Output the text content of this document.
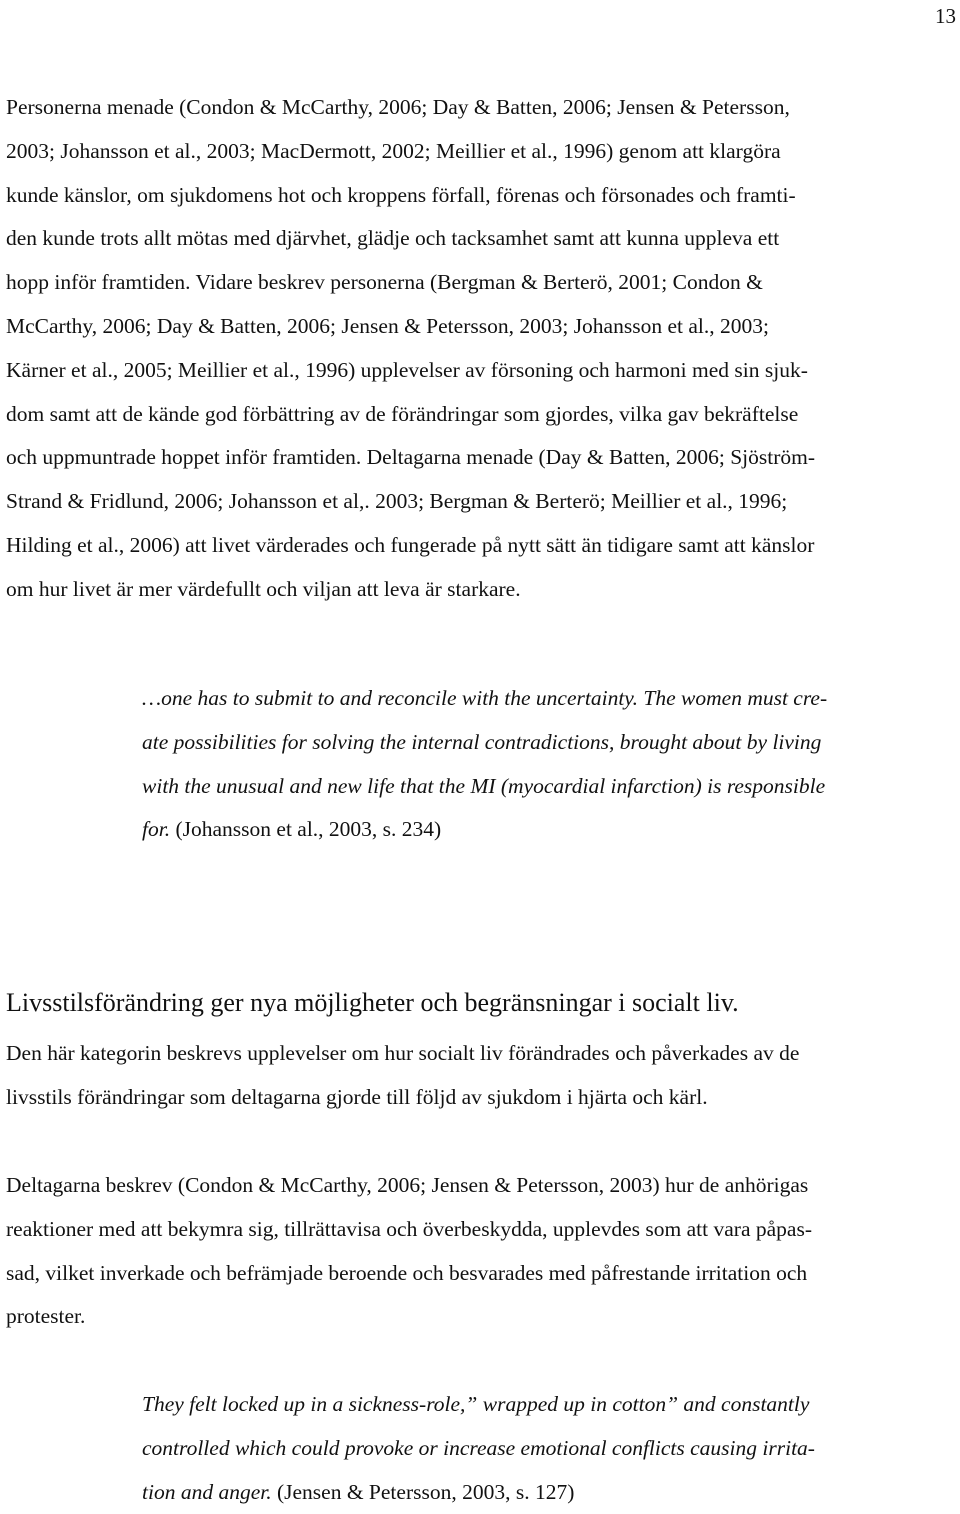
13
Personerna menade (Condon & McCarthy, 2006; Day & Batten, 2006; Jensen & Petersson,
2003; Johansson et al., 2003; MacDermott, 2002; Meillier et al., 1996) genom att klargöra
kunde känslor, om sjukdomens hot och kroppens förfall, förenas och försonades och framti-
den kunde trots allt mötas med djärvhet, glädje och tacksamhet samt att kunna uppleva ett
hopp inför framtiden. Vidare beskrev personerna (Bergman & Berterö, 2001; Condon &
McCarthy, 2006; Day & Batten, 2006; Jensen & Petersson, 2003; Johansson et al., 2003;
Kärner et al., 2005; Meillier et al., 1996) upplevelser av försoning och harmoni med sin sjuk-
dom samt att de kände god förbättring av de förändringar som gjordes, vilka gav bekräftelse
och uppmuntrade hoppet inför framtiden. Deltagarna menade (Day & Batten, 2006; Sjöström-
Strand & Fridlund, 2006; Johansson et al,. 2003; Bergman & Berterö; Meillier et al., 1996;
Hilding et al., 2006) att livet värderades och fungerade på nytt sätt än tidigare samt att känslor
om hur livet är mer värdefullt och viljan att leva är starkare.
…one has to submit to and reconcile with the uncertainty. The women must cre-
ate possibilities for solving the internal contradictions, brought about by living
with the unusual and new life that the MI (myocardial infarction) is responsible
for. (Johansson et al., 2003, s. 234)
Livsstilsförändring ger nya möjligheter och begränsningar i socialt liv.
Den här kategorin beskrevs upplevelser om hur socialt liv förändrades och påverkades av de
livsstils förändringar som deltagarna gjorde till följd av sjukdom i hjärta och kärl.
Deltagarna beskrev (Condon & McCarthy, 2006; Jensen & Petersson, 2003) hur de anhörigas
reaktioner med att bekymra sig, tillrättavisa och överbeskydda, upplevdes som att vara påpas-
sad, vilket inverkade och befrämjade beroende och besvarades med påfrestande irritation och
protester.
They felt locked up in a sickness-role,” wrapped up in cotton” and constantly
controlled which could provoke or increase emotional conflicts causing irrita-
tion and anger. (Jensen & Petersson, 2003, s. 127)
